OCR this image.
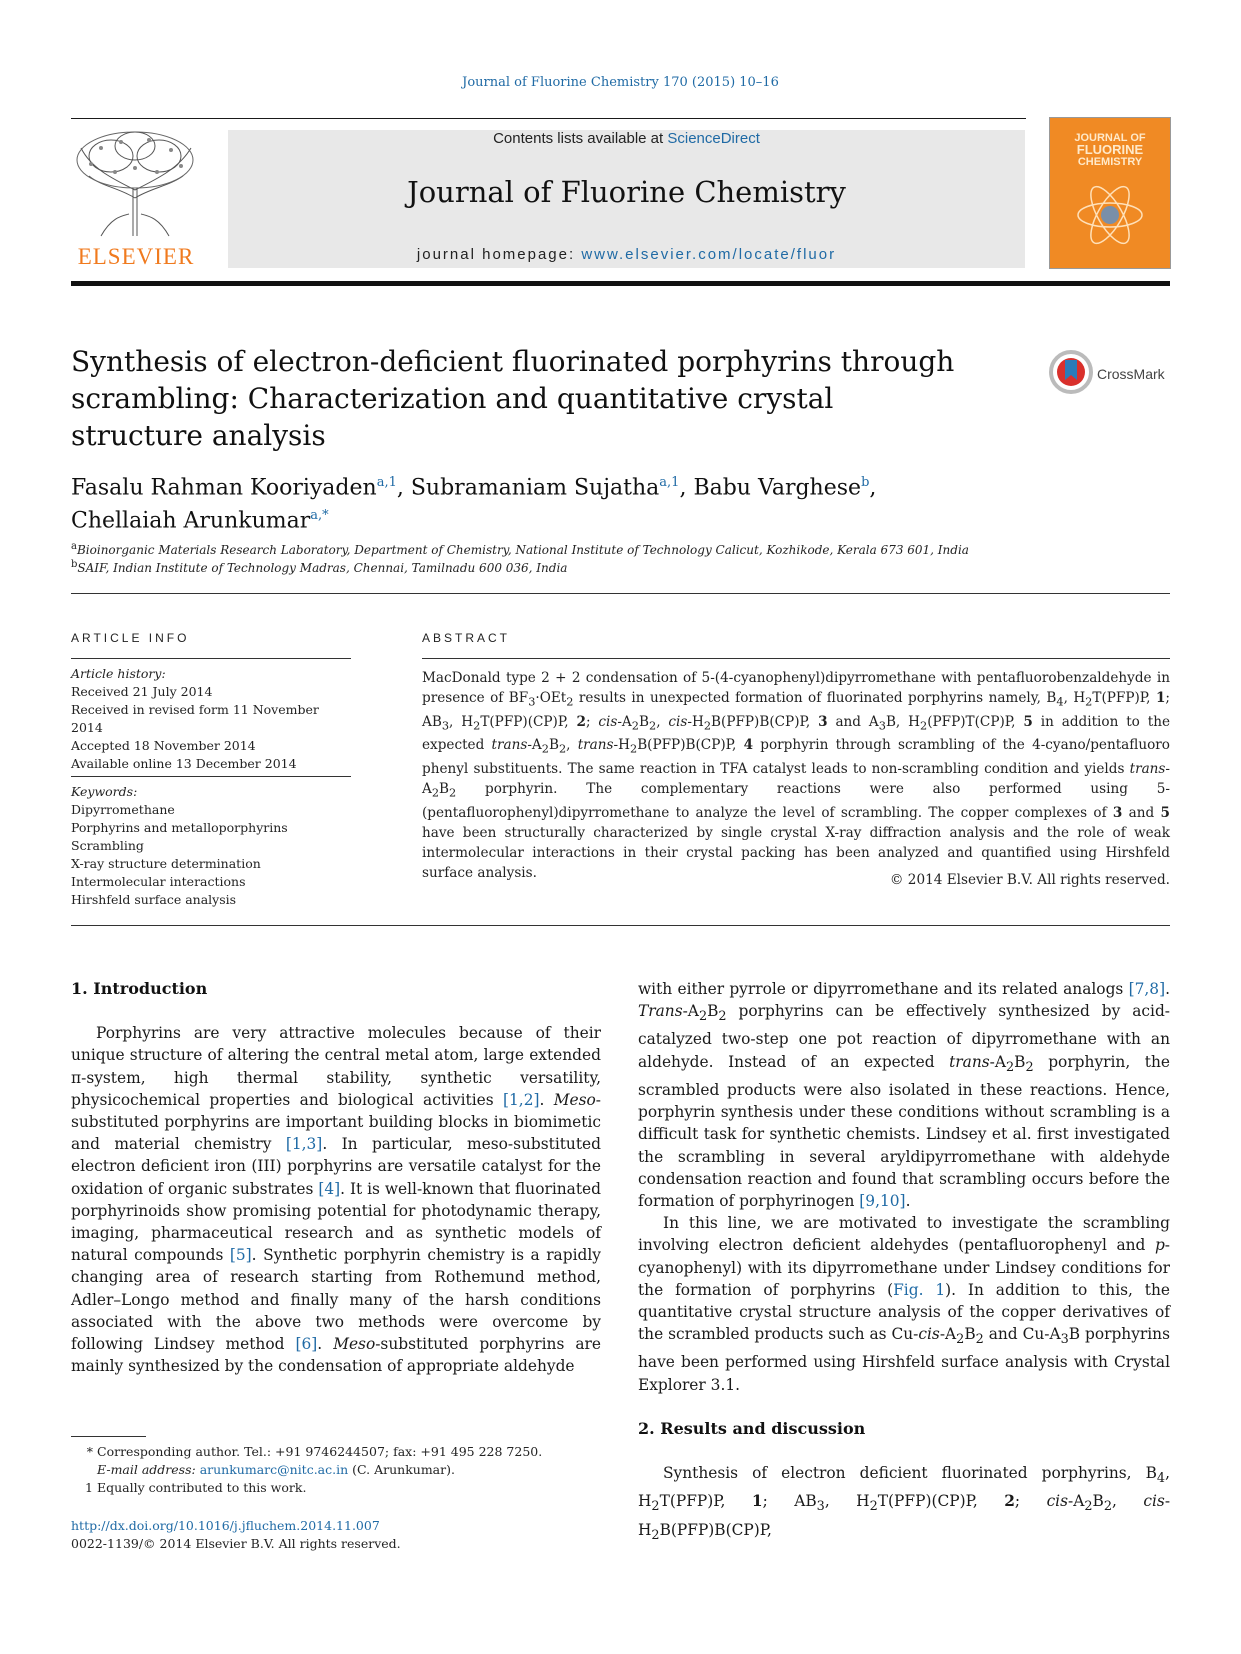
Journal of Fluorine Chemistry 170 (2015) 10–16
ELSEVIER
Contents lists available at ScienceDirect
Journal of Fluorine Chemistry
journal homepage: www.elsevier.com/locate/fluor
JOURNAL OF
FLUORINE
CHEMISTRY
Synthesis of electron-deficient fluorinated porphyrins through scrambling: Characterization and quantitative crystal structure analysis
CrossMark
Fasalu Rahman Kooriyaden$^{a,1}$, Subramaniam Sujatha$^{a,1}$, Babu Varghese$^b$,
Chellaiah Arunkumar$^{a,*}$
$^a$Bioinorganic Materials Research Laboratory, Department of Chemistry, National Institute of Technology Calicut, Kozhikode, Kerala 673 601, India
$^b$SAIF, Indian Institute of Technology Madras, Chennai, Tamilnadu 600 036, India
ARTICLE INFO	ABSTRACT
Article history:
Received 21 July 2014
Received in revised form 11 November 2014
Accepted 18 November 2014
Available online 13 December 2014
Keywords:
Dipyrromethane
Porphyrins and metalloporphyrins
Scrambling
X-ray structure determination
Intermolecular interactions
Hirshfeld surface analysis
MacDonald type 2 + 2 condensation of 5-(4-cyanophenyl)dipyrromethane with pentafluorobenzaldehyde in presence of $BF_3\cdot OEt_2$ results in unexpected formation of fluorinated porphyrins namely, $B_4$, $H_2T(PFP)P$, 1; $AB_3$, $H_2T(PFP)(CP)P$, 2; cis-$A_2B_2$, cis-$H_2B(PFP)B(CP)P$, 3 and $A_3B$, $H_2(PFP)T(CP)P$, 5 in addition to the expected trans-$A_2B_2$, trans-$H_2B(PFP)B(CP)P$, 4 porphyrin through scrambling of the 4-cyano/pentafluoro phenyl substituents. The same reaction in TFA catalyst leads to non-scrambling condition and yields trans-$A_2B_2$ porphyrin. The complementary reactions were also performed using 5-(pentafluorophenyl)dipyrromethane to analyze the level of scrambling. The copper complexes of 3 and 5 have been structurally characterized by single crystal X-ray diffraction analysis and the role of weak intermolecular interactions in their crystal packing has been analyzed and quantified using Hirshfeld surface analysis.	© 2014 Elsevier B.V. All rights reserved.
1. Introduction

Porphyrins are very attractive molecules because of their unique structure of altering the central metal atom, large extended π-system, high thermal stability, synthetic versatility, physicochemical properties and biological activities [1,2]. Meso-substituted porphyrins are important building blocks in biomimetic and material chemistry [1,3]. In particular, meso-substituted electron deficient iron (III) porphyrins are versatile catalyst for the oxidation of organic substrates [4]. It is well-known that fluorinated porphyrinoids show promising potential for photodynamic therapy, imaging, pharmaceutical research and as synthetic models of natural compounds [5]. Synthetic porphyrin chemistry is a rapidly changing area of research starting from Rothemund method, Adler–Longo method and finally many of the harsh conditions associated with the above two methods were overcome by following Lindsey method [6]. Meso-substituted porphyrins are mainly synthesized by the condensation of appropriate aldehyde

with either pyrrole or dipyrromethane and its related analogs [7,8]. Trans-$A_2B_2$ porphyrins can be effectively synthesized by acid-catalyzed two-step one pot reaction of dipyrromethane with an aldehyde. Instead of an expected trans-$A_2B_2$ porphyrin, the scrambled products were also isolated in these reactions. Hence, porphyrin synthesis under these conditions without scrambling is a difficult task for synthetic chemists. Lindsey et al. first investigated the scrambling in several aryldipyrromethane with aldehyde condensation reaction and found that scrambling occurs before the formation of porphyrinogen [9,10].

In this line, we are motivated to investigate the scrambling involving electron deficient aldehydes (pentafluorophenyl and p-cyanophenyl) with its dipyrromethane under Lindsey conditions for the formation of porphyrins (Fig. 1). In addition to this, the quantitative crystal structure analysis of the copper derivatives of the scrambled products such as $Cu-cis-A_2B_2$ and $Cu-A_3B$ porphyrins have been performed using Hirshfeld surface analysis with Crystal Explorer 3.1.

2. Results and discussion

Synthesis of electron deficient fluorinated porphyrins, $B_4$, $H_2T(PFP)P$, 1; $AB_3$, $H_2T(PFP)(CP)P$, 2; cis-$A_2B_2$, cis-$H_2B(PFP)B(CP)P$,

* Corresponding author. Tel.: +91 9746244507; fax: +91 495 228 7250.
E-mail address: arunkumarc@nitc.ac.in (C. Arunkumar).
1 Equally contributed to this work.
http://dx.doi.org/10.1016/j.jfluchem.2014.11.007
0022-1139/© 2014 Elsevier B.V. All rights reserved.
